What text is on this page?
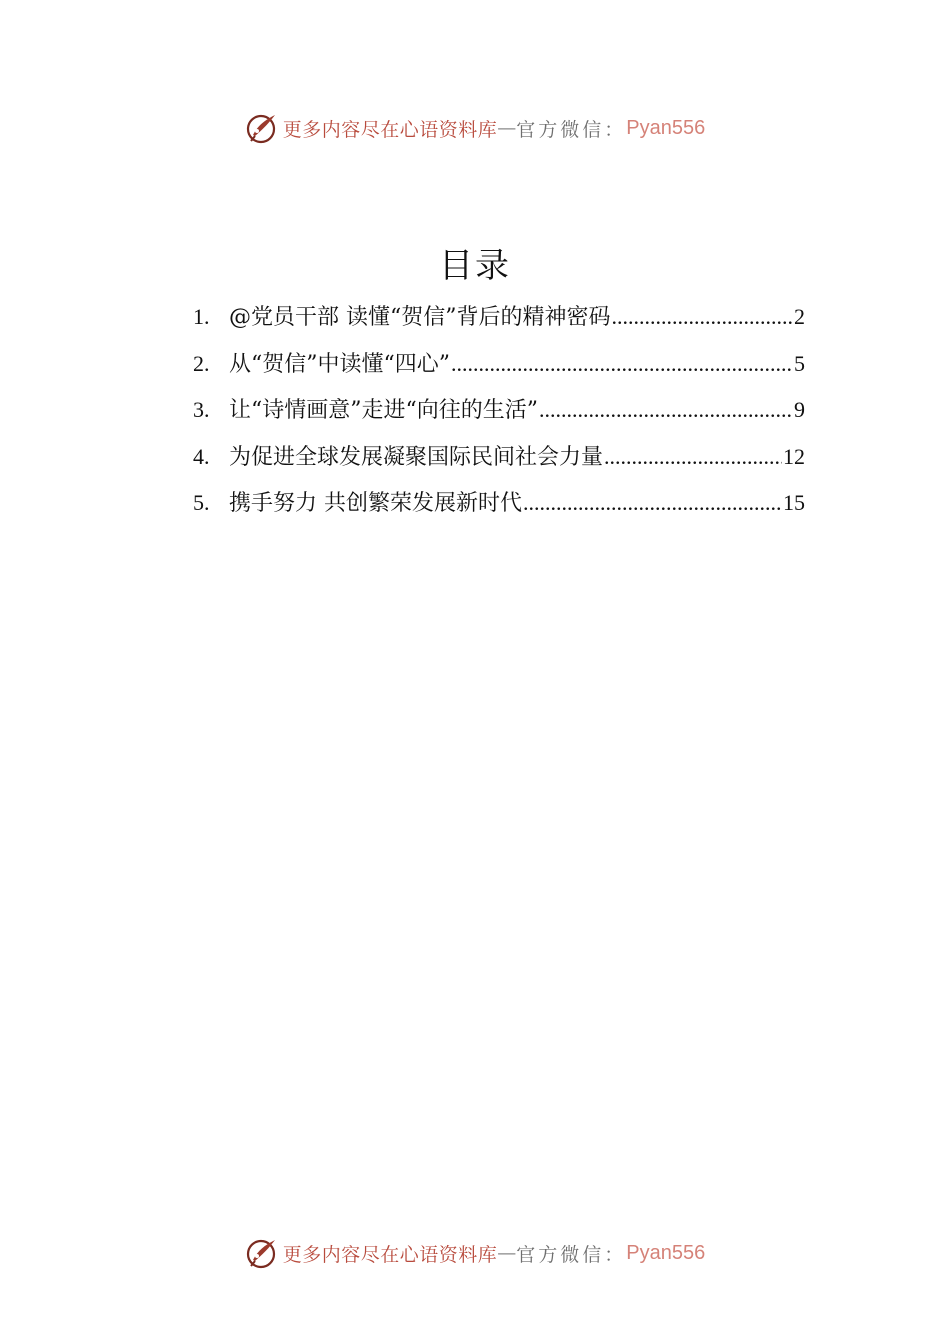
更多内容尽在心语资料库 — 官方微信： Pyan556
目录
1. @党员干部 读懂“贺信”背后的精神密码 .....	2
2. 从“贺信”中读懂“四心” .....	5
3. 让“诗情画意”走进“向往的生活” .....	9
4. 为促进全球发展凝聚国际民间社会力量 .....	12
5. 携手努力 共创繁荣发展新时代 .....	15
更多内容尽在心语资料库 — 官方微信： Pyan556
